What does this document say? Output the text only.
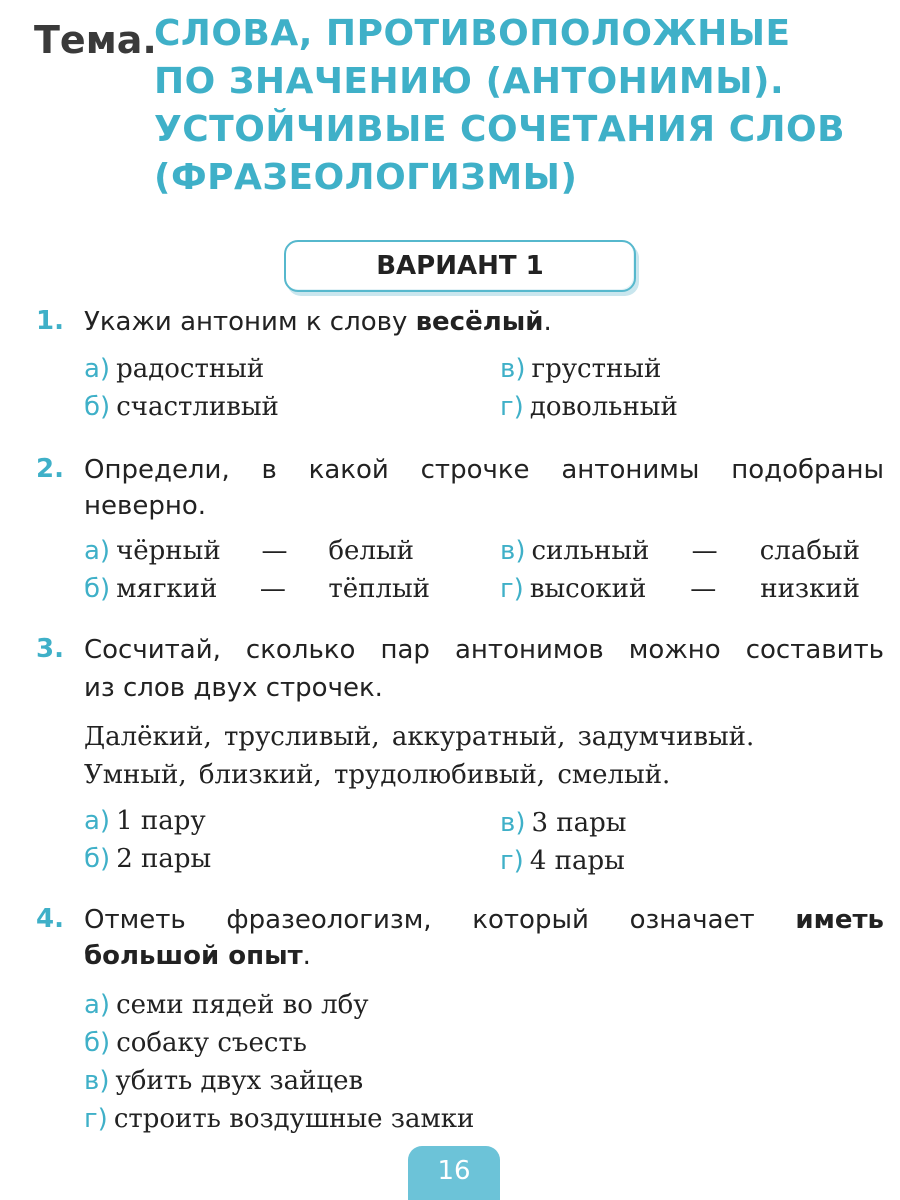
Тема.
СЛОВА, ПРОТИВОПОЛОЖНЫЕ
ПО ЗНАЧЕНИЮ (АНТОНИМЫ).
УСТОЙЧИВЫЕ СОЧЕТАНИЯ СЛОВ
(ФРАЗЕОЛОГИЗМЫ)
ВАРИАНТ 1
1. Укажи антоним к слову весёлый.
а) радостный
б) счастливый
в) грустный
г) довольный
2. Определи, в какой строчке антонимы подобраны
неверно.
а) чёрный — белый
б) мягкий — тёплый
в) сильный — слабый
г) высокий — низкий
3. Сосчитай, сколько пар антонимов можно составить
из слов двух строчек.
Далёкий, трусливый, аккуратный, задумчивый.
Умный, близкий, трудолюбивый, смелый.
а) 1 пару
б) 2 пары
в) 3 пары
г) 4 пары
4. Отметь фразеологизм, который означает иметь
большой опыт.
а) семи пядей во лбу
б) собаку съесть
в) убить двух зайцев
г) строить воздушные замки
16
